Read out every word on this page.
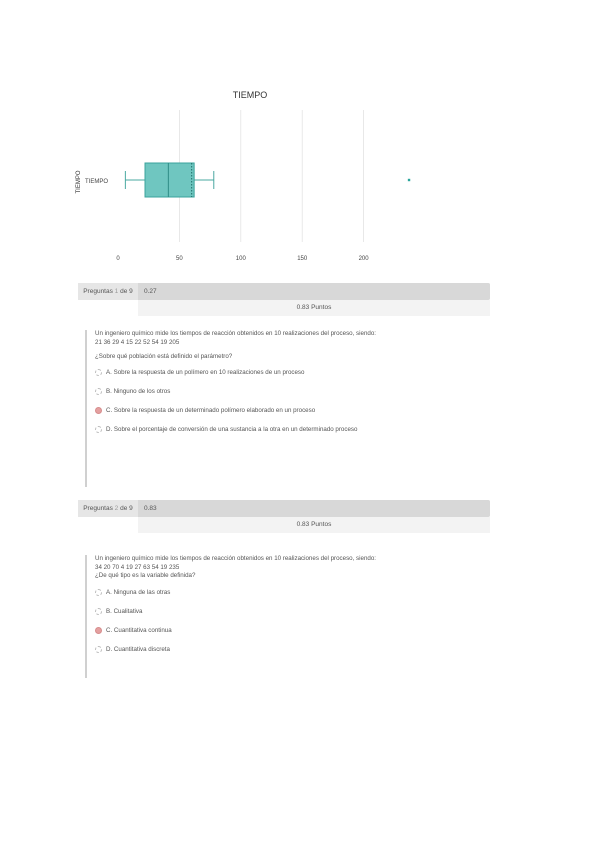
TIEMPO
TIEMPO TIEMPO
0	50	100	150	200
Preguntas 1 de 9	0.27
0.83 Puntos
Un ingeniero químico mide los tiempos de reacción obtenidos en 10 realizaciones del proceso, siendo:
21 36 29 4 15 22 52 54 19 205
¿Sobre qué población está definido el parámetro?
A. Sobre la respuesta de un polímero en 10 realizaciones de un proceso
B. Ninguno de los otros
C. Sobre la respuesta de un determinado polímero elaborado en un proceso
D. Sobre el porcentaje de conversión de una sustancia a la otra en un determinado proceso
Preguntas 2 de 9	0.83
0.83 Puntos
Un ingeniero químico mide los tiempos de reacción obtenidos en 10 realizaciones del proceso, siendo:
34 20 70 4 19 27 63 54 19 235
¿De qué tipo es la variable definida?
A. Ninguna de las otras
B. Cualitativa
C. Cuantitativa continua
D. Cuantitativa discreta
